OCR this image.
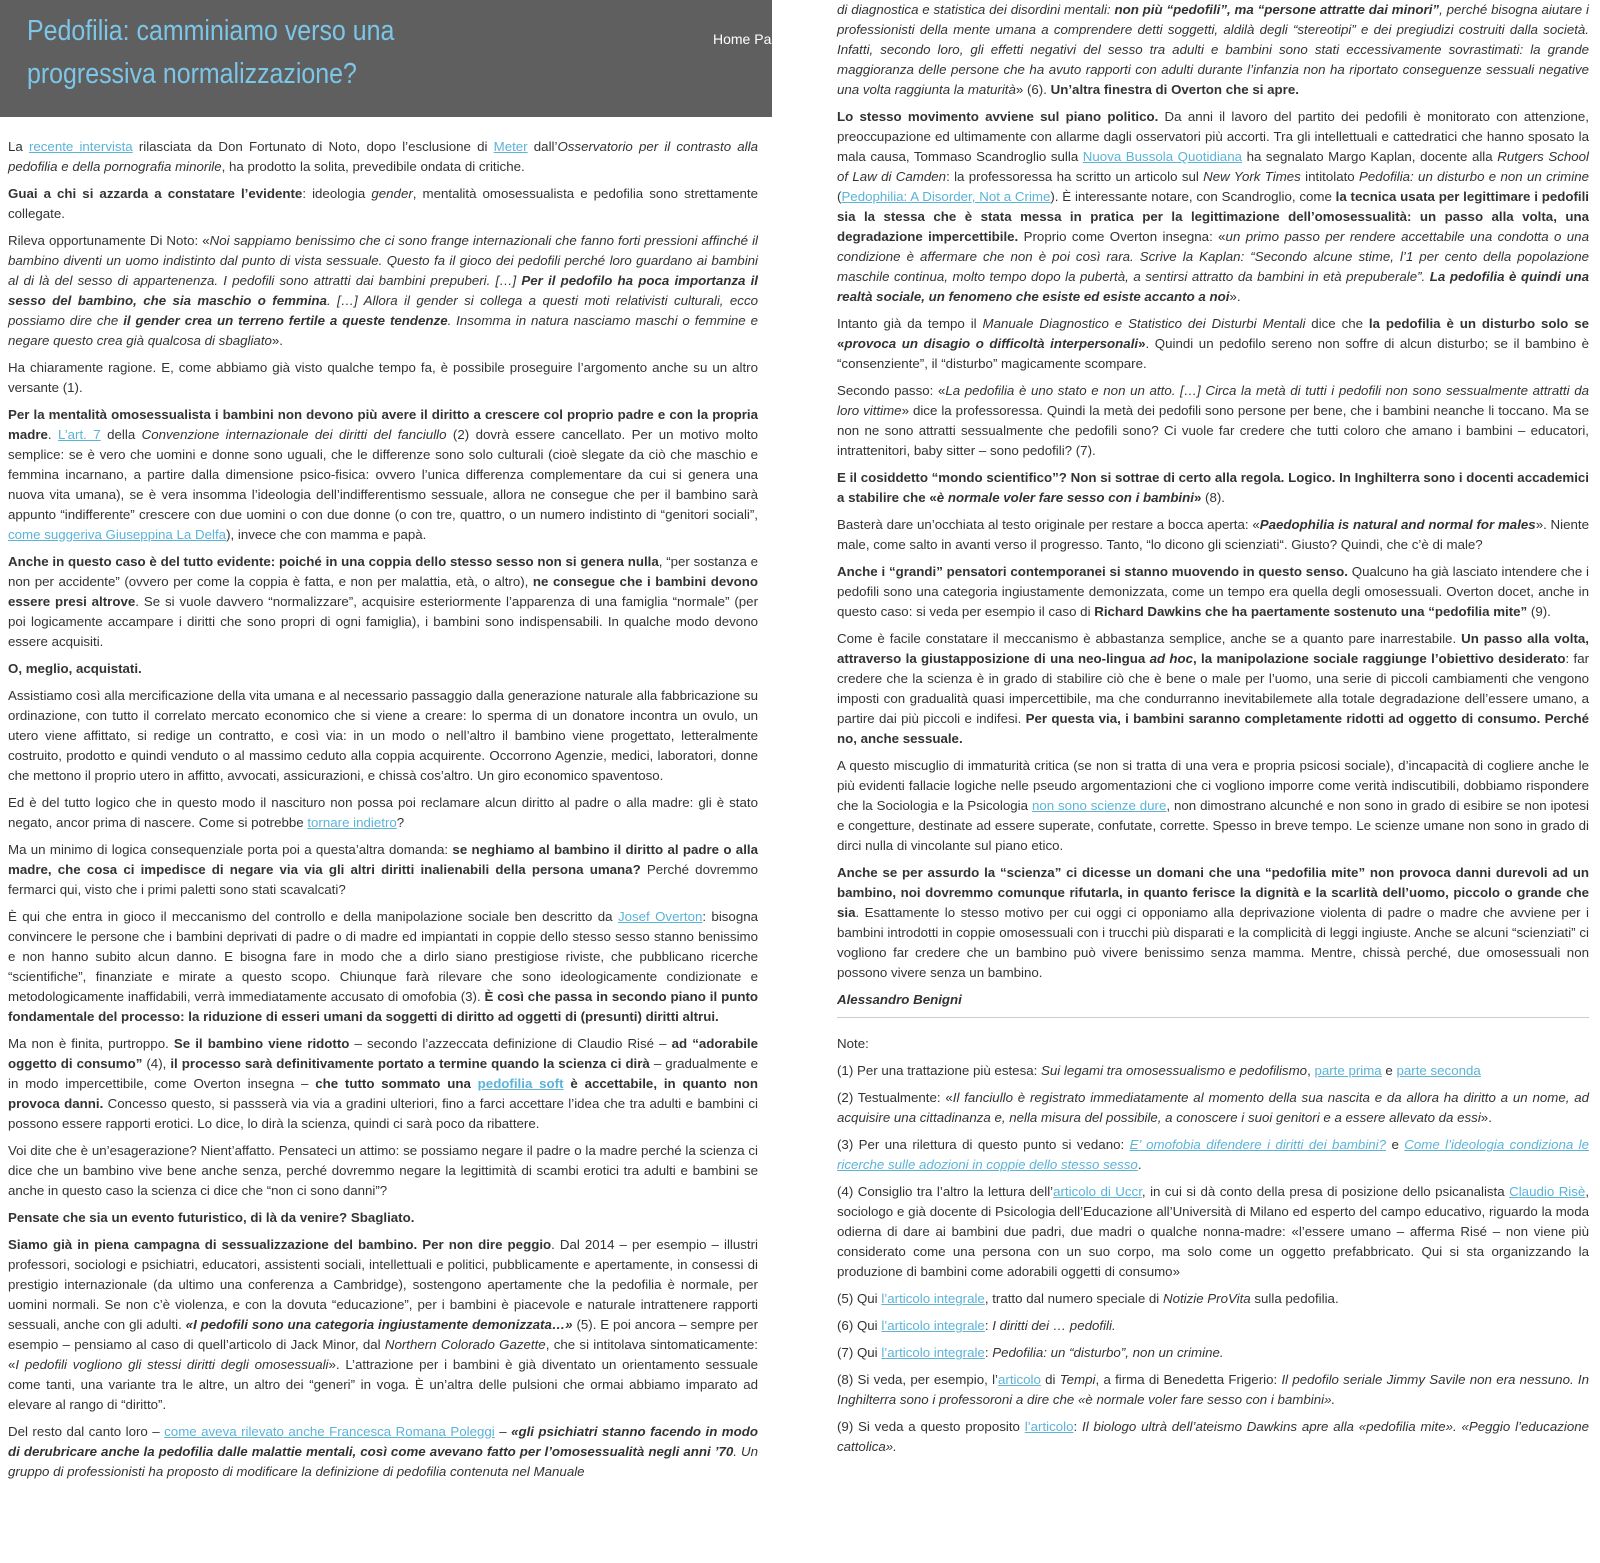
Pedofilia: camminiamo verso una progressiva normalizzazione?
Home Page

La recente intervista rilasciata da Don Fortunato di Noto, dopo l’esclusione di Meter dall’Osservatorio per il contrasto alla pedofilia e della pornografia minorile, ha prodotto la solita, prevedibile ondata di critiche.

Guai a chi si azzarda a constatare l’evidente: ideologia gender, mentalità omosessualista e pedofilia sono strettamente collegate.

Rileva opportunamente Di Noto: «Noi sappiamo benissimo che ci sono frange internazionali che fanno forti pressioni affinché il bambino diventi un uomo indistinto dal punto di vista sessuale. Questo fa il gioco dei pedofili perché loro guardano ai bambini al di là del sesso di appartenenza. I pedofili sono attratti dai bambini prepuberi. […] Per il pedofilo ha poca importanza il sesso del bambino, che sia maschio o femmina. […] Allora il gender si collega a questi moti relativisti culturali, ecco possiamo dire che il gender crea un terreno fertile a queste tendenze. Insomma in natura nasciamo maschi o femmine e negare questo crea già qualcosa di sbagliato».

Ha chiaramente ragione. E, come abbiamo già visto qualche tempo fa, è possibile proseguire l’argomento anche su un altro versante (1).

Per la mentalità omosessualista i bambini non devono più avere il diritto a crescere col proprio padre e con la propria madre. L’art. 7 della Convenzione internazionale dei diritti del fanciullo (2) dovrà essere cancellato. Per un motivo molto semplice: se è vero che uomini e donne sono uguali, che le differenze sono solo culturali (cioè slegate da ciò che maschio e femmina incarnano, a partire dalla dimensione psico-fisica: ovvero l’unica differenza complementare da cui si genera una nuova vita umana), se è vera insomma l’ideologia dell’indifferentismo sessuale, allora ne consegue che per il bambino sarà appunto “indifferente” crescere con due uomini o con due donne (o con tre, quattro, o un numero indistinto di “genitori sociali”, come suggeriva Giuseppina La Delfa), invece che con mamma e papà.

Anche in questo caso è del tutto evidente: poiché in una coppia dello stesso sesso non si genera nulla, “per sostanza e non per accidente” (ovvero per come la coppia è fatta, e non per malattia, età, o altro), ne consegue che i bambini devono essere presi altrove. Se si vuole davvero “normalizzare”, acquisire esteriormente l’apparenza di una famiglia “normale” (per poi logicamente accampare i diritti che sono propri di ogni famiglia), i bambini sono indispensabili. In qualche modo devono essere acquisiti.

O, meglio, acquistati.

Assistiamo così alla mercificazione della vita umana e al necessario passaggio dalla generazione naturale alla fabbricazione su ordinazione, con tutto il correlato mercato economico che si viene a creare: lo sperma di un donatore incontra un ovulo, un utero viene affittato, si redige un contratto, e così via: in un modo o nell’altro il bambino viene progettato, letteralmente costruito, prodotto e quindi venduto o al massimo ceduto alla coppia acquirente. Occorrono Agenzie, medici, laboratori, donne che mettono il proprio utero in affitto, avvocati, assicurazioni, e chissà cos’altro. Un giro economico spaventoso.

Ed è del tutto logico che in questo modo il nascituro non possa poi reclamare alcun diritto al padre o alla madre: gli è stato negato, ancor prima di nascere. Come si potrebbe tornare indietro?

Ma un minimo di logica consequenziale porta poi a questa’altra domanda: se neghiamo al bambino il diritto al padre o alla madre, che cosa ci impedisce di negare via via gli altri diritti inalienabili della persona umana? Perché dovremmo fermarci qui, visto che i primi paletti sono stati scavalcati?

È qui che entra in gioco il meccanismo del controllo e della manipolazione sociale ben descritto da Josef Overton: bisogna convincere le persone che i bambini deprivati di padre o di madre ed impiantati in coppie dello stesso sesso stanno benissimo e non hanno subito alcun danno. E bisogna fare in modo che a dirlo siano prestigiose riviste, che pubblicano ricerche “scientifiche”, finanziate e mirate a questo scopo. Chiunque farà rilevare che sono ideologicamente condizionate e metodologicamente inaffidabili, verrà immediatamente accusato di omofobia (3). È così che passa in secondo piano il punto fondamentale del processo: la riduzione di esseri umani da soggetti di diritto ad oggetti di (presunti) diritti altrui.

Ma non è finita, purtroppo. Se il bambino viene ridotto – secondo l’azzeccata definizione di Claudio Risé – ad “adorabile oggetto di consumo” (4), il processo sarà definitivamente portato a termine quando la scienza ci dirà – gradualmente e in modo impercettibile, come Overton insegna – che tutto sommato una pedofilia soft è accettabile, in quanto non provoca danni. Concesso questo, si passserà via via a gradini ulteriori, fino a farci accettare l’idea che tra adulti e bambini ci possono essere rapporti erotici. Lo dice, lo dirà la scienza, quindi ci sarà poco da ribattere.

Voi dite che è un’esagerazione? Nient’affatto. Pensateci un attimo: se possiamo negare il padre o la madre perché la scienza ci dice che un bambino vive bene anche senza, perché dovremmo negare la legittimità di scambi erotici tra adulti e bambini se anche in questo caso la scienza ci dice che “non ci sono danni”?

Pensate che sia un evento futuristico, di là da venire? Sbagliato.

Siamo già in piena campagna di sessualizzazione del bambino. Per non dire peggio. Dal 2014 – per esempio – illustri professori, sociologi e psichiatri, educatori, assistenti sociali, intellettuali e politici, pubblicamente e apertamente, in consessi di prestigio internazionale (da ultimo una conferenza a Cambridge), sostengono apertamente che la pedofilia è normale, per uomini normali. Se non c’è violenza, e con la dovuta “educazione”, per i bambini è piacevole e naturale intrattenere rapporti sessuali, anche con gli adulti. «I pedofili sono una categoria ingiustamente demonizzata…» (5). E poi ancora – sempre per esempio – pensiamo al caso di quell’articolo di Jack Minor, dal Northern Colorado Gazette, che si intitolava sintomaticamente: «I pedofili vogliono gli stessi diritti degli omosessuali». L’attrazione per i bambini è già diventato un orientamento sessuale come tanti, una variante tra le altre, un altro dei “generi” in voga. È un’altra delle pulsioni che ormai abbiamo imparato ad elevare al rango di “diritto”.

Del resto dal canto loro – come aveva rilevato anche Francesca Romana Poleggi – «gli psichiatri stanno facendo in modo di derubricare anche la pedofilia dalle malattie mentali, così come avevano fatto per l’omosessualità negli anni ’70. Un gruppo di professionisti ha proposto di modificare la definizione di pedofilia contenuta nel Manuale

di diagnostica e statistica dei disordini mentali: non più “pedofili”, ma “persone attratte dai minori”, perché bisogna aiutare i professionisti della mente umana a comprendere detti soggetti, aldilà degli “stereotipi” e dei pregiudizi costruiti dalla società. Infatti, secondo loro, gli effetti negativi del sesso tra adulti e bambini sono stati eccessivamente sovrastimati: la grande maggioranza delle persone che ha avuto rapporti con adulti durante l’infanzia non ha riportato conseguenze sessuali negative una volta raggiunta la maturità» (6). Un’altra finestra di Overton che si apre.

Lo stesso movimento avviene sul piano politico. Da anni il lavoro del partito dei pedofili è monitorato con attenzione, preoccupazione ed ultimamente con allarme dagli osservatori più accorti. Tra gli intellettuali e cattedratici che hanno sposato la mala causa, Tommaso Scandroglio sulla Nuova Bussola Quotidiana ha segnalato Margo Kaplan, docente alla Rutgers School of Law di Camden: la professoressa ha scritto un articolo sul New York Times intitolato Pedofilia: un disturbo e non un crimine (Pedophilia: A Disorder, Not a Crime). È interessante notare, con Scandroglio, come la tecnica usata per legittimare i pedofili sia la stessa che è stata messa in pratica per la legittimazione dell’omosessualità: un passo alla volta, una degradazione impercettibile. Proprio come Overton insegna: «un primo passo per rendere accettabile una condotta o una condizione è affermare che non è poi così rara. Scrive la Kaplan: “Secondo alcune stime, l’1 per cento della popolazione maschile continua, molto tempo dopo la pubertà, a sentirsi attratto da bambini in età prepuberale”. La pedofilia è quindi una realtà sociale, un fenomeno che esiste ed esiste accanto a noi».

Intanto già da tempo il Manuale Diagnostico e Statistico dei Disturbi Mentali dice che la pedofilia è un disturbo solo se «provoca un disagio o difficoltà interpersonali». Quindi un pedofilo sereno non soffre di alcun disturbo; se il bambino è “consenziente”, il “disturbo” magicamente scompare.

Secondo passo: «La pedofilia è uno stato e non un atto. […] Circa la metà di tutti i pedofili non sono sessualmente attratti da loro vittime» dice la professoressa. Quindi la metà dei pedofili sono persone per bene, che i bambini neanche li toccano. Ma se non ne sono attratti sessualmente che pedofili sono? Ci vuole far credere che tutti coloro che amano i bambini – educatori, intrattenitori, baby sitter – sono pedofili? (7).

E il cosiddetto “mondo scientifico”? Non si sottrae di certo alla regola. Logico. In Inghilterra sono i docenti accademici a stabilire che «è normale voler fare sesso con i bambini» (8).

Basterà dare un’occhiata al testo originale per restare a bocca aperta: «Paedophilia is natural and normal for males». Niente male, come salto in avanti verso il progresso. Tanto, “lo dicono gli scienziati“. Giusto? Quindi, che c’è di male?

Anche i “grandi” pensatori contemporanei si stanno muovendo in questo senso. Qualcuno ha già lasciato intendere che i pedofili sono una categoria ingiustamente demonizzata, come un tempo era quella degli omosessuali. Overton docet, anche in questo caso: si veda per esempio il caso di Richard Dawkins che ha paertamente sostenuto una “pedofilia mite” (9).

Come è facile constatare il meccanismo è abbastanza semplice, anche se a quanto pare inarrestabile. Un passo alla volta, attraverso la giustapposizione di una neo-lingua ad hoc, la manipolazione sociale raggiunge l’obiettivo desiderato: far credere che la scienza è in grado di stabilire ciò che è bene o male per l’uomo, una serie di piccoli cambiamenti che vengono imposti con gradualità quasi impercettibile, ma che condurranno inevitabilemete alla totale degradazione dell’essere umano, a partire dai più piccoli e indifesi. Per questa via, i bambini saranno completamente ridotti ad oggetto di consumo. Perché no, anche sessuale.

A questo miscuglio di immaturità critica (se non si tratta di una vera e propria psicosi sociale), d’incapacità di cogliere anche le più evidenti fallacie logiche nelle pseudo argomentazioni che ci vogliono imporre come verità indiscutibili, dobbiamo rispondere che la Sociologia e la Psicologia non sono scienze dure, non dimostrano alcunché e non sono in grado di esibire se non ipotesi e congetture, destinate ad essere superate, confutate, corrette. Spesso in breve tempo. Le scienze umane non sono in grado di dirci nulla di vincolante sul piano etico.

Anche se per assurdo la “scienza” ci dicesse un domani che una “pedofilia mite” non provoca danni durevoli ad un bambino, noi dovremmo comunque rifutarla, in quanto ferisce la dignità e la scarlità dell’uomo, piccolo o grande che sia. Esattamente lo stesso motivo per cui oggi ci opponiamo alla deprivazione violenta di padre o madre che avviene per i bambini introdotti in coppie omosessuali con i trucchi più disparati e la complicità di leggi ingiuste. Anche se alcuni “scienziati” ci vogliono far credere che un bambino può vivere benissimo senza mamma. Mentre, chissà perché, due omosessuali non possono vivere senza un bambino.

Alessandro Benigni

Note:

(1) Per una trattazione più estesa: Sui legami tra omosessualismo e pedofilismo, parte prima e parte seconda

(2) Testualmente: «Il fanciullo è registrato immediatamente al momento della sua nascita e da allora ha diritto a un nome, ad acquisire una cittadinanza e, nella misura del possibile, a conoscere i suoi genitori e a essere allevato da essi».

(3) Per una rilettura di questo punto si vedano: E’ omofobia difendere i diritti dei bambini? e Come l’ideologia condiziona le ricerche sulle adozioni in coppie dello stesso sesso.

(4) Consiglio tra l’altro la lettura dell’articolo di Uccr, in cui si dà conto della presa di posizione dello psicanalista Claudio Risè, sociologo e già docente di Psicologia dell’Educazione all’Università di Milano ed esperto del campo educativo, riguardo la moda odierna di dare ai bambini due padri, due madri o qualche nonna-madre: «l’essere umano – afferma Risé – non viene più considerato come una persona con un suo corpo, ma solo come un oggetto prefabbricato. Qui si sta organizzando la produzione di bambini come adorabili oggetti di consumo»

(5) Qui l’articolo integrale, tratto dal numero speciale di Notizie ProVita sulla pedofilia.

(6) Qui l’articolo integrale: I diritti dei … pedofili.

(7) Qui l’articolo integrale: Pedofilia: un “disturbo”, non un crimine.

(8) Si veda, per esempio, l’articolo di Tempi, a firma di Benedetta Frigerio: Il pedofilo seriale Jimmy Savile non era nessuno. In Inghilterra sono i professoroni a dire che «è normale voler fare sesso con i bambini».

(9) Si veda a questo proposito l’articolo: Il biologo ultrà dell’ateismo Dawkins apre alla «pedofilia mite». «Peggio l’educazione cattolica».
